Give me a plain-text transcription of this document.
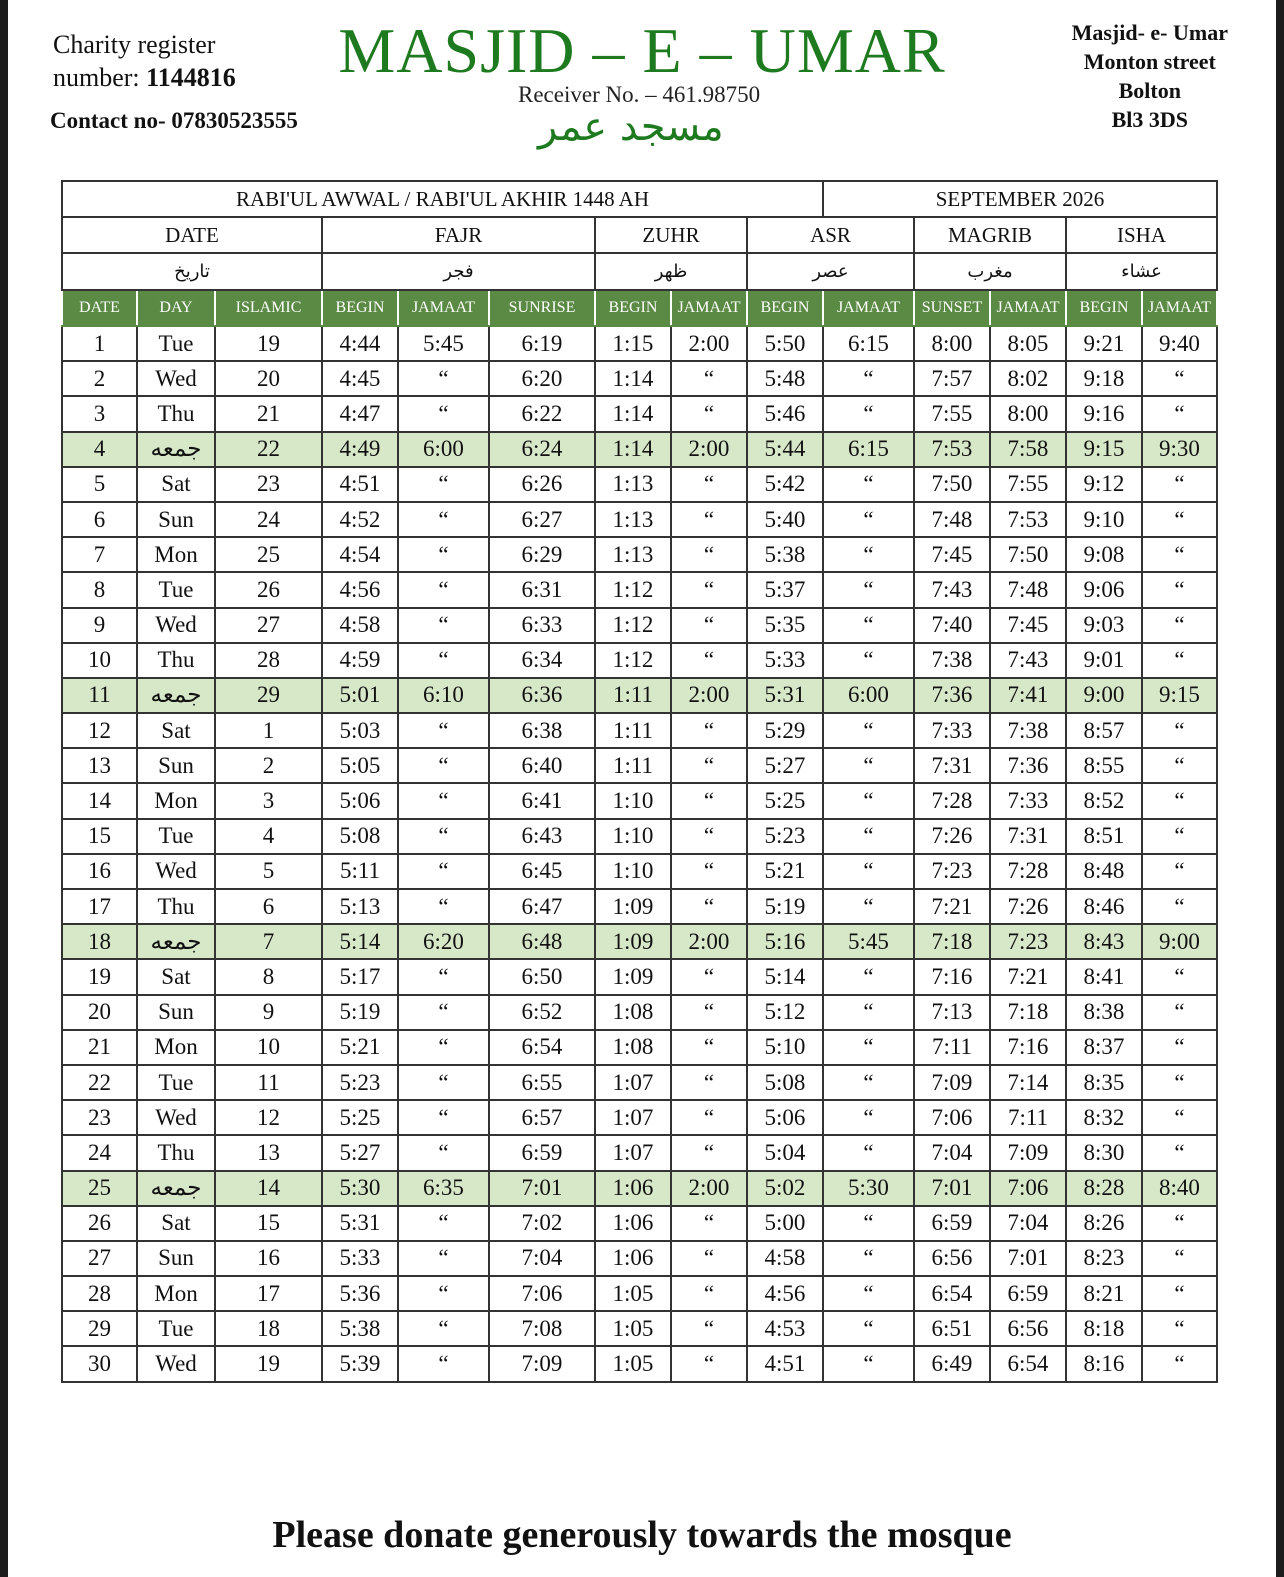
Charity register
number: 1144816
Contact no- 07830523555
MASJID – E – UMAR
Receiver No. – 461.98750
مسجد عمر
Masjid- e- Umar
Monton street
Bolton
Bl3 3DS
RABI'UL AWWAL / RABI'UL AKHIR 1448 AH									SEPTEMBER 2026				
DATE			FAJR			ZUHR		ASR		MAGRIB		ISHA	
تاريخ			فجر			ظهر		عصر		مغرب		عشاء	
DATE	DAY	ISLAMIC	BEGIN	JAMAAT	SUNRISE	BEGIN	JAMAAT	BEGIN	JAMAAT	SUNSET	JAMAAT	BEGIN	JAMAAT
1	Tue	19	4:44	5:45	6:19	1:15	2:00	5:50	6:15	8:00	8:05	9:21	9:40
2	Wed	20	4:45	“	6:20	1:14	“	5:48	“	7:57	8:02	9:18	“
3	Thu	21	4:47	“	6:22	1:14	“	5:46	“	7:55	8:00	9:16	“
4	جمعه	22	4:49	6:00	6:24	1:14	2:00	5:44	6:15	7:53	7:58	9:15	9:30
5	Sat	23	4:51	“	6:26	1:13	“	5:42	“	7:50	7:55	9:12	“
6	Sun	24	4:52	“	6:27	1:13	“	5:40	“	7:48	7:53	9:10	“
7	Mon	25	4:54	“	6:29	1:13	“	5:38	“	7:45	7:50	9:08	“
8	Tue	26	4:56	“	6:31	1:12	“	5:37	“	7:43	7:48	9:06	“
9	Wed	27	4:58	“	6:33	1:12	“	5:35	“	7:40	7:45	9:03	“
10	Thu	28	4:59	“	6:34	1:12	“	5:33	“	7:38	7:43	9:01	“
11	جمعه	29	5:01	6:10	6:36	1:11	2:00	5:31	6:00	7:36	7:41	9:00	9:15
12	Sat	1	5:03	“	6:38	1:11	“	5:29	“	7:33	7:38	8:57	“
13	Sun	2	5:05	“	6:40	1:11	“	5:27	“	7:31	7:36	8:55	“
14	Mon	3	5:06	“	6:41	1:10	“	5:25	“	7:28	7:33	8:52	“
15	Tue	4	5:08	“	6:43	1:10	“	5:23	“	7:26	7:31	8:51	“
16	Wed	5	5:11	“	6:45	1:10	“	5:21	“	7:23	7:28	8:48	“
17	Thu	6	5:13	“	6:47	1:09	“	5:19	“	7:21	7:26	8:46	“
18	جمعه	7	5:14	6:20	6:48	1:09	2:00	5:16	5:45	7:18	7:23	8:43	9:00
19	Sat	8	5:17	“	6:50	1:09	“	5:14	“	7:16	7:21	8:41	“
20	Sun	9	5:19	“	6:52	1:08	“	5:12	“	7:13	7:18	8:38	“
21	Mon	10	5:21	“	6:54	1:08	“	5:10	“	7:11	7:16	8:37	“
22	Tue	11	5:23	“	6:55	1:07	“	5:08	“	7:09	7:14	8:35	“
23	Wed	12	5:25	“	6:57	1:07	“	5:06	“	7:06	7:11	8:32	“
24	Thu	13	5:27	“	6:59	1:07	“	5:04	“	7:04	7:09	8:30	“
25	جمعه	14	5:30	6:35	7:01	1:06	2:00	5:02	5:30	7:01	7:06	8:28	8:40
26	Sat	15	5:31	“	7:02	1:06	“	5:00	“	6:59	7:04	8:26	“
27	Sun	16	5:33	“	7:04	1:06	“	4:58	“	6:56	7:01	8:23	“
28	Mon	17	5:36	“	7:06	1:05	“	4:56	“	6:54	6:59	8:21	“
29	Tue	18	5:38	“	7:08	1:05	“	4:53	“	6:51	6:56	8:18	“
30	Wed	19	5:39	“	7:09	1:05	“	4:51	“	6:49	6:54	8:16	“
Please donate generously towards the mosque
